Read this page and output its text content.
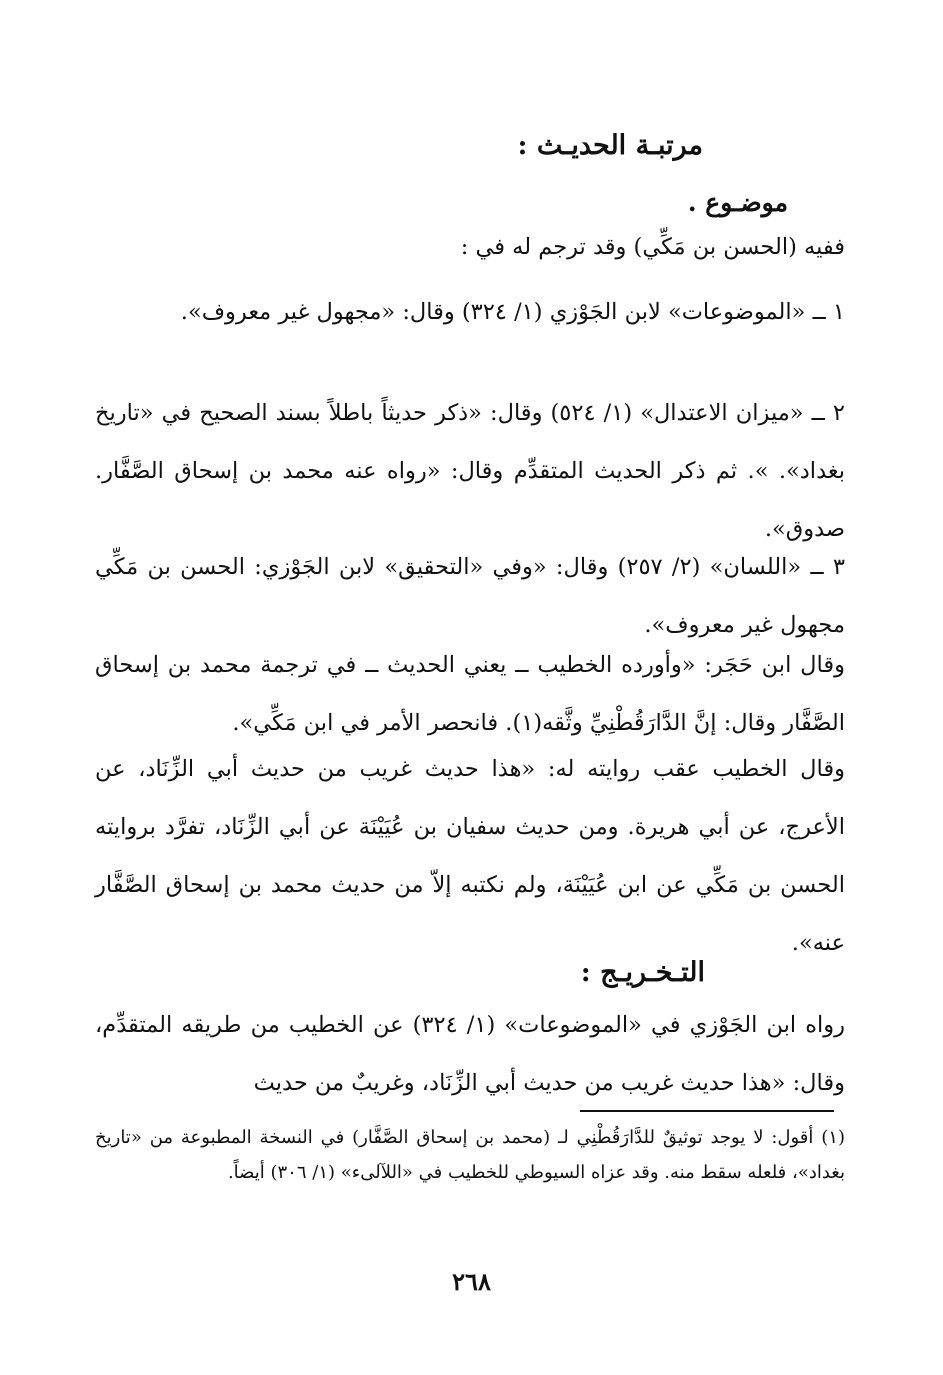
مرتبـة الحديـث :
موضـوع .
ففيه (الحسن بن مَكِّي) وقد ترجم له في :
١ ــ «الموضوعات» لابن الجَوْزي (١/ ٣٢٤) وقال: «مجهول غير معروف».
٢ ــ «ميزان الاعتدال» (١/ ٥٢٤) وقال: «ذكر حديثاً باطلاً بسند الصحيح في «تاريخ بغداد». ». ثم ذكر الحديث المتقدِّم وقال: «رواه عنه محمد بن إسحاق الصَّفَّار. صدوق».
٣ ــ «اللسان» (٢/ ٢٥٧) وقال: «وفي «التحقيق» لابن الجَوْزي: الحسن بن مَكِّي مجهول غير معروف».
وقال ابن حَجَر: «وأورده الخطيب ــ يعني الحديث ــ في ترجمة محمد بن إسحاق الصَّفَّار وقال: إنَّ الدَّارَقُطْنِيِّ وثَّقه(١). فانحصر الأمر في ابن مَكِّي».
وقال الخطيب عقب روايته له: «هذا حديث غريب من حديث أبي الزِّنَاد، عن الأعرج، عن أبي هريرة. ومن حديث سفيان بن عُيَيْنَة عن أبي الزِّنَاد، تفرَّد بروايته الحسن بن مَكِّي عن ابن عُيَيْنَة، ولم نكتبه إلاّ من حديث محمد بن إسحاق الصَّفَّار عنه».
التـخـريـج :
رواه ابن الجَوْزي في «الموضوعات» (١/ ٣٢٤) عن الخطيب من طريقه المتقدِّم، وقال: «هذا حديث غريب من حديث أبي الزِّنَاد، وغريبٌ من حديث
(١) أقول: لا يوجد توثيقٌ للدَّارَقُطْنِي لـ (محمد بن إسحاق الصَّفَّار) في النسخة المطبوعة من «تاريخ بغداد»، فلعله سقط منه. وقد عزاه السيوطي للخطيب في «اللآلىء» (١/ ٣٠٦) أيضاً.
٢٦٨
